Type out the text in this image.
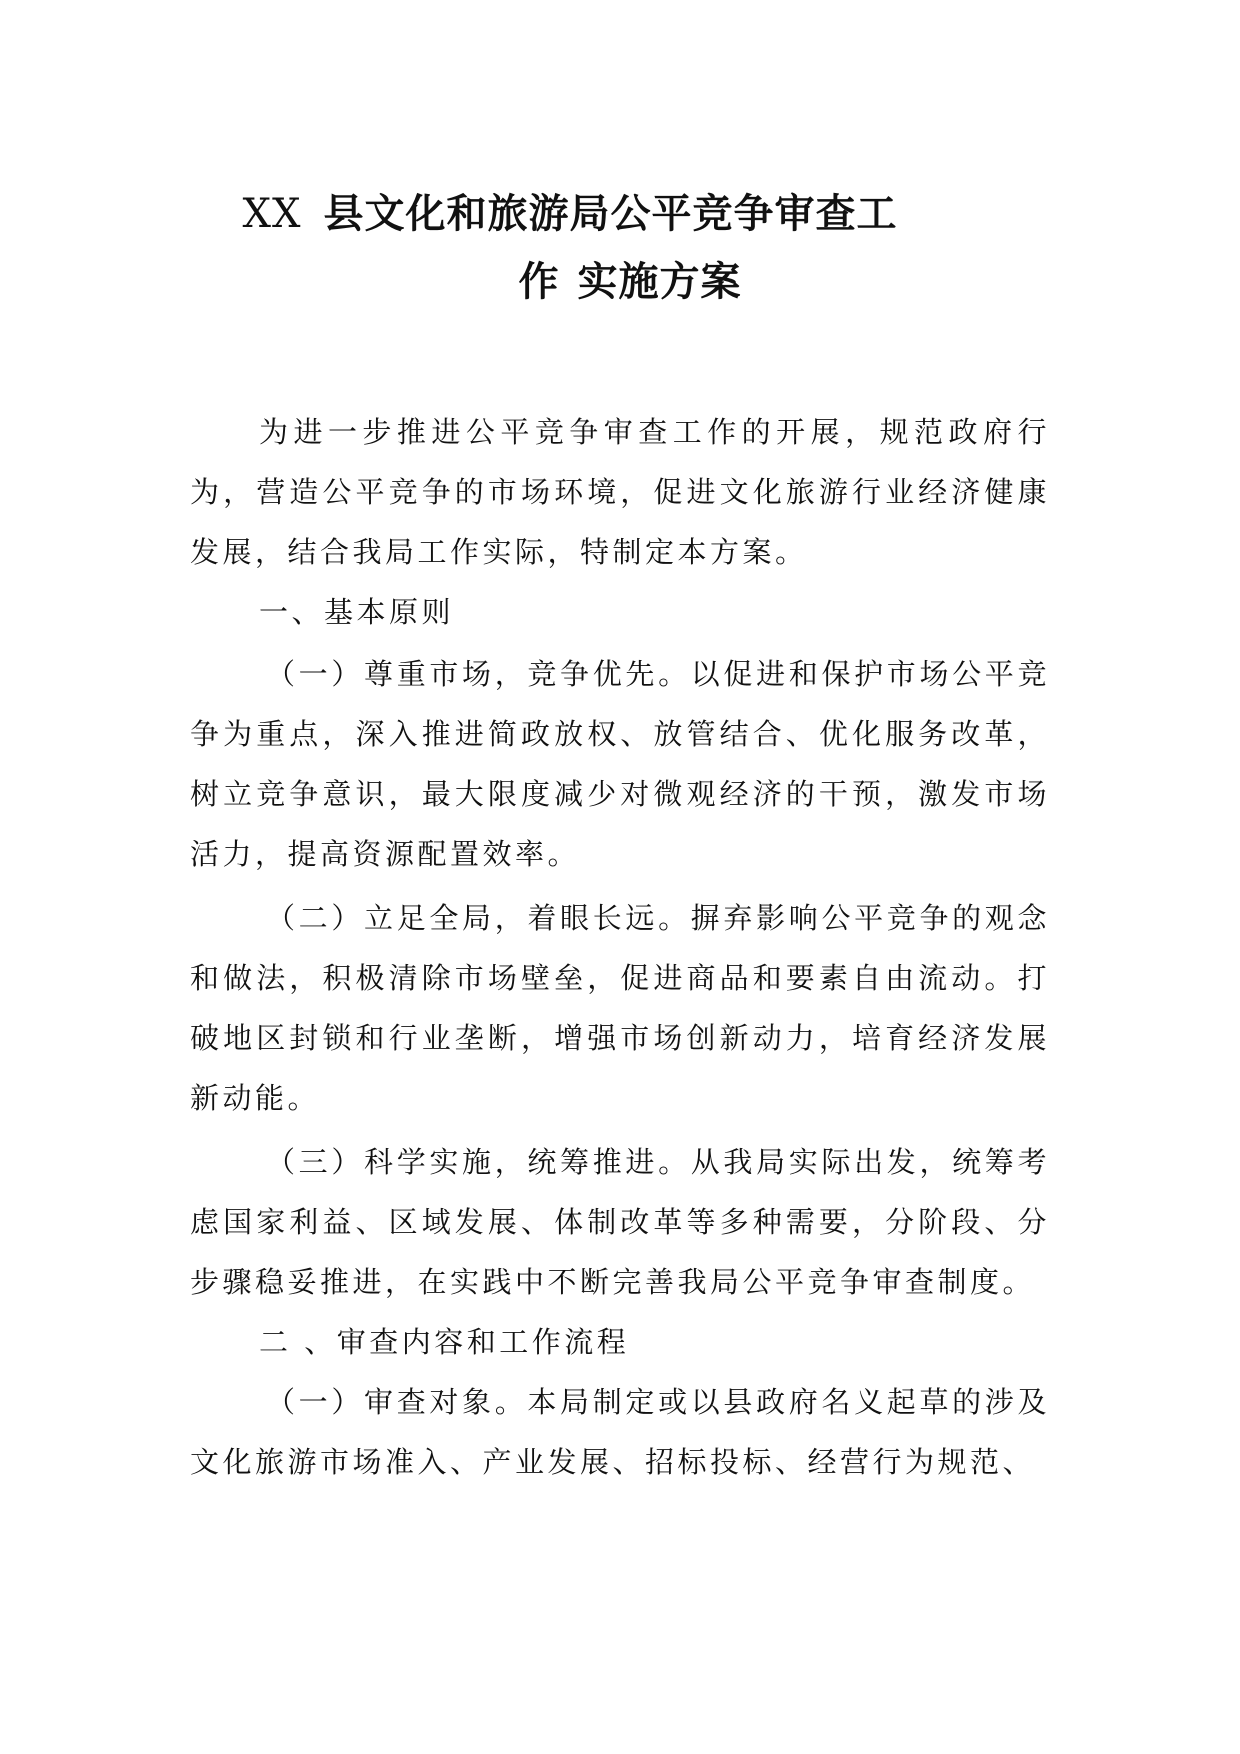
XX 县文化和旅游局公平竞争审查工
作 实施方案

为进一步推进公平竞争审查工作的开展，规范政府行为，营造公平竞争的市场环境，促进文化旅游行业经济健康发展，结合我局工作实际，特制定本方案。

一、基本原则

（一）尊重市场，竞争优先。以促进和保护市场公平竞争为重点，深入推进简政放权、放管结合、优化服务改革，树立竞争意识，最大限度减少对微观经济的干预，激发市场活力，提高资源配置效率。

（二）立足全局，着眼长远。摒弃影响公平竞争的观念和做法，积极清除市场壁垒，促进商品和要素自由流动。打破地区封锁和行业垄断，增强市场创新动力，培育经济发展新动能。

（三）科学实施，统筹推进。从我局实际出发，统筹考虑国家利益、区域发展、体制改革等多种需要，分阶段、分步骤稳妥推进，在实践中不断完善我局公平竞争审查制度。

二 、审查内容和工作流程

（一）审查对象。本局制定或以县政府名义起草的涉及文化旅游市场准入、产业发展、招标投标、经营行为规范、
